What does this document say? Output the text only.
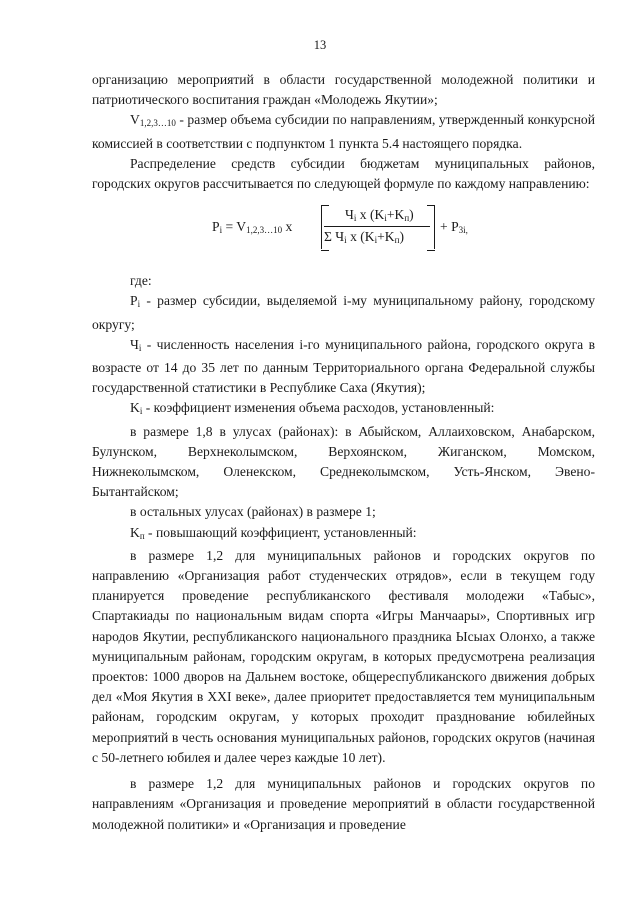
13

организацию мероприятий в области государственной молодежной политики и патриотического воспитания граждан «Молодежь Якутии»;

$V_{1,2,3\dots 10}$ - размер объема субсидии по направлениям, утвержденный конкурсной комиссией в соответствии с подпунктом 1 пункта 5.4 настоящего порядка.

Распределение средств субсидии бюджетам муниципальных районов, городских округов рассчитывается по следующей формуле по каждому направлению:

$P_i = V_{1,2,3\dots 10}$ x
$Ч_i$ x $(K_i+K_п)$
Σ $Ч_i$ x $(K_i+K_п)$
+ $P_{3i,}$

где:

$P_i$ - размер субсидии, выделяемой i-му муниципальному району, городскому округу;

$Ч_i$ - численность населения i-го муниципального района, городского округа в возрасте от 14 до 35 лет по данным Территориального органа Федеральной службы государственной статистики в Республике Саха (Якутия);

$K_i$ - коэффициент изменения объема расходов, установленный:

в размере 1,8 в улусах (районах): в Абыйском, Аллаиховском, Анабарском, Булунском, Верхнеколымском, Верхоянском, Жиганском, Момском, Нижнеколымском, Оленекском, Среднеколымском, Усть-Янском, Эвено-Бытантайском;

в остальных улусах (районах) в размере 1;

$K_п$ - повышающий коэффициент, установленный:

в размере 1,2 для муниципальных районов и городских округов по направлению «Организация работ студенческих отрядов», если в текущем году планируется проведение республиканского фестиваля молодежи «Табыс», Спартакиады по национальным видам спорта «Игры Манчаары», Спортивных игр народов Якутии, республиканского национального праздника Ысыах Олонхо, а также муниципальным районам, городским округам, в которых предусмотрена реализация проектов: 1000 дворов на Дальнем востоке, общереспубликанского движения добрых дел «Моя Якутия в XXI веке», далее приоритет предоставляется тем муниципальным районам, городским округам, у которых проходит празднование юбилейных мероприятий в честь основания муниципальных районов, городских округов (начиная с 50-летнего юбилея и далее через каждые 10 лет).

в размере 1,2 для муниципальных районов и городских округов по направлениям «Организация и проведение мероприятий в области государственной молодежной политики» и «Организация и проведение
